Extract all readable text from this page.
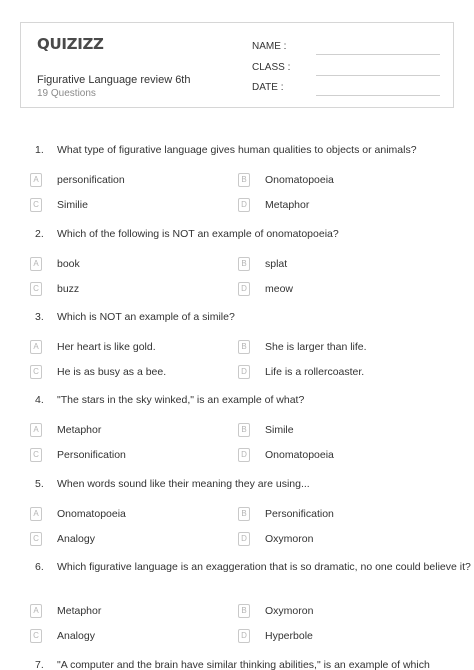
QUIZIZZ
Figurative Language review 6th
19 Questions
NAME :
CLASS :
DATE :
1. What type of figurative language gives human qualities to objects or animals?
A	personification	B	Onomatopoeia
C Similie	D Metaphor
2. Which of the following is NOT an example of onomatopoeia?
A	book	B	splat
C buzz	D meow
3. Which is NOT an example of a simile?
A	Her heart is like gold.	B	She is larger than life.
C He is as busy as a bee.	D Life is a rollercoaster.
4. "The stars in the sky winked," is an example of what?
A	Metaphor	B	Simile
C Personification	D Onomatopoeia
5. When words sound like their meaning they are using...
A	Onomatopoeia	B	Personification
C Analogy	D Oxymoron
6. Which figurative language is an exaggeration that is so dramatic, no one could believe it?
A	Metaphor	B	Oxymoron
C Analogy	D Hyperbole
7. "A computer and the brain have similar thinking abilities," is an example of which
